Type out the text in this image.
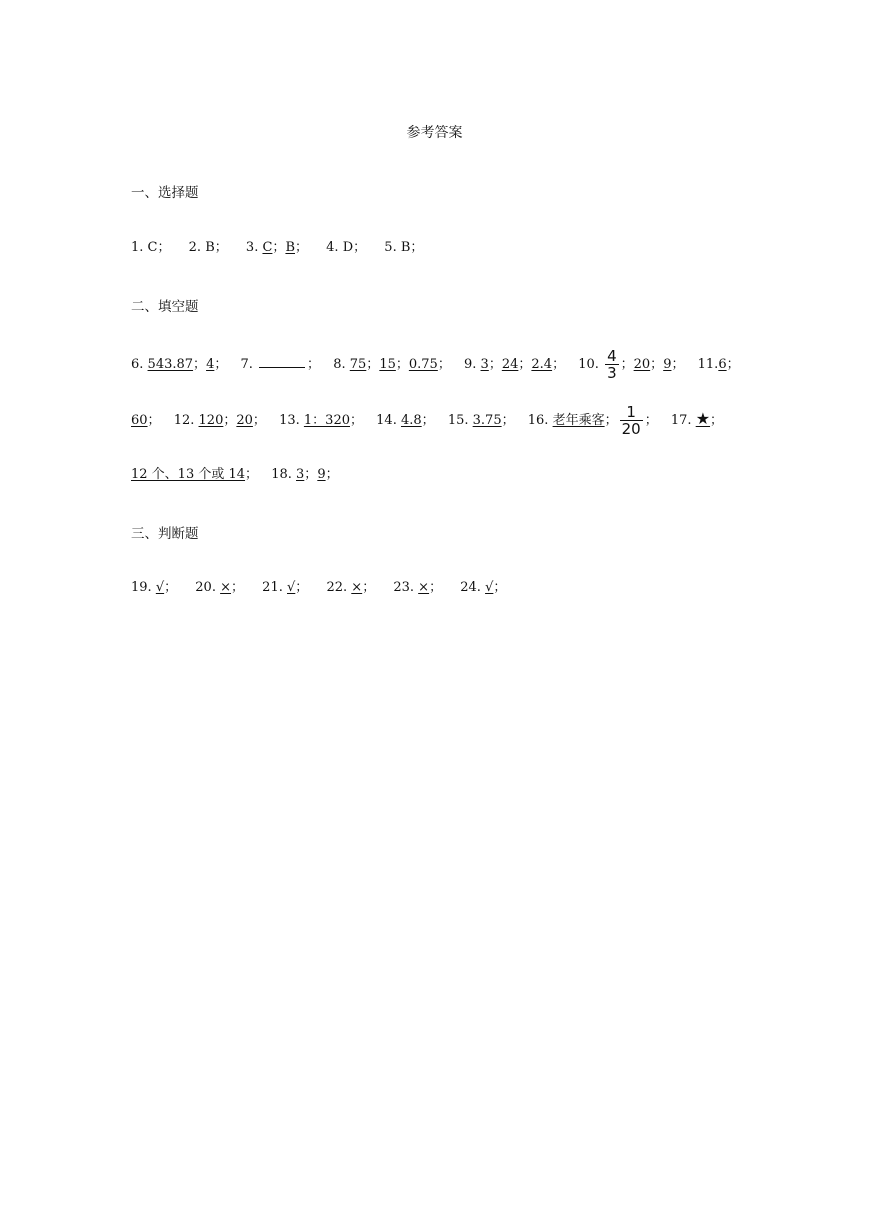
参考答案
一、选择题
1. C； 2. B； 3. C；B； 4. D； 5. B；
二、填空题
6. 543.87；4； 7.	； 8. 75；15；0.75； 9. 3；24；2.4； 10. $\frac{4}{3}$ ；20；9； 11.6；
60； 12. 120；20； 13. 1：320； 14. 4.8； 15. 3.75； 16. 老年乘客； $\frac{1}{20}$ ； 17. ★；
12 个、13 个或 14； 18. 3；9；
三、判断题
19. √； 20. ×； 21. √； 22. ×； 23. ×； 24. √；
